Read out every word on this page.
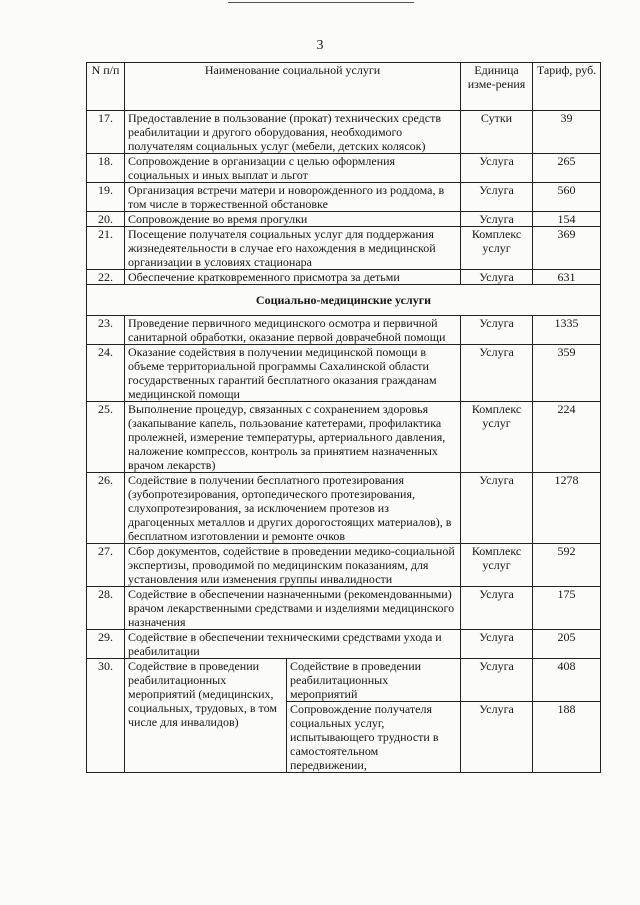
3
N п/п	Наименование социальной услуги		Единица изме-рения	Тариф, руб.
17.	Предоставление в пользование (прокат) технических средств реабилитации и другого оборудования, необходимого получателям социальных услуг (мебели, детских колясок)		Сутки	39
18.	Сопровождение в организации с целью оформления социальных и иных выплат и льгот		Услуга	265
19.	Организация встречи матери и новорожденного из роддома, в том числе в торжественной обстановке		Услуга	560
20.	Сопровождение во время прогулки		Услуга	154
21.	Посещение получателя социальных услуг для поддержания жизнедеятельности в случае его нахождения в медицинской организации в условиях стационара		Комплекс услуг	369
22.	Обеспечение кратковременного присмотра за детьми		Услуга	631
Социально-медицинские услуги				
23.	Проведение первичного медицинского осмотра и первичной санитарной обработки, оказание первой доврачебной помощи		Услуга	1335
24.	Оказание содействия в получении медицинской помощи в объеме территориальной программы Сахалинской области государственных гарантий бесплатного оказания гражданам медицинской помощи		Услуга	359
25.	Выполнение процедур, связанных с сохранением здоровья (закапывание капель, пользование катетерами, профилактика пролежней, измерение температуры, артериального давления, наложение компрессов, контроль за принятием назначенных врачом лекарств)		Комплекс услуг	224
26.	Содействие в получении бесплатного протезирования (зубопротезирования, ортопедического протезирования, слухопротезирования, за исключением протезов из драгоценных металлов и других дорогостоящих материалов), в бесплатном изготовлении и ремонте очков		Услуга	1278
27.	Сбор документов, содействие в проведении медико-социальной экспертизы, проводимой по медицинским показаниям, для установления или изменения группы инвалидности		Комплекс услуг	592
28.	Содействие в обеспечении назначенными (рекомендованными) врачом лекарственными средствами и изделиями медицинского назначения		Услуга	175
29.	Содействие в обеспечении техническими средствами ухода и реабилитации		Услуга	205
30.	Содействие в проведении реабилитационных мероприятий (медицинских, социальных, трудовых, в том числе для инвалидов)	Содействие в проведении реабилитационных мероприятий	Услуга	408
		Сопровождение получателя социальных услуг, испытывающего трудности в самостоятельном передвижении,	Услуга	188
